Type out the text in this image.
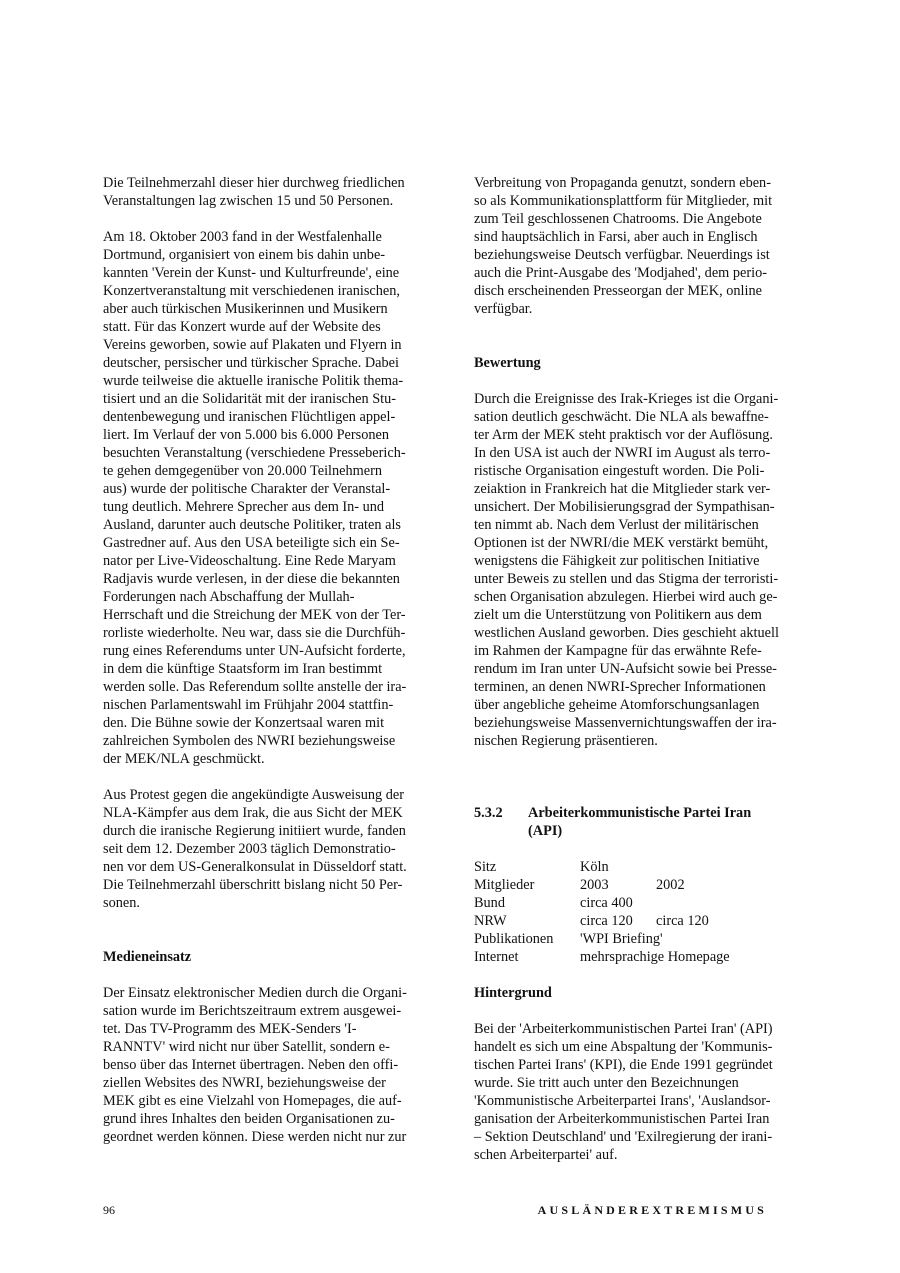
Die Teilnehmerzahl dieser hier durchweg friedlichen
Veranstaltungen lag zwischen 15 und 50 Personen.

Am 18. Oktober 2003 fand in der Westfalenhalle
Dortmund, organisiert von einem bis dahin unbe-
kannten 'Verein der Kunst- und Kulturfreunde', eine
Konzertveranstaltung mit verschiedenen iranischen,
aber auch türkischen Musikerinnen und Musikern
statt. Für das Konzert wurde auf der Website des
Vereins geworben, sowie auf Plakaten und Flyern in
deutscher, persischer und türkischer Sprache. Dabei
wurde teilweise die aktuelle iranische Politik thema-
tisiert und an die Solidarität mit der iranischen Stu-
dentenbewegung und iranischen Flüchtligen appel-
liert. Im Verlauf der von 5.000 bis 6.000 Personen
besuchten Veranstaltung (verschiedene Presseberich-
te gehen demgegenüber von 20.000 Teilnehmern
aus) wurde der politische Charakter der Veranstal-
tung deutlich. Mehrere Sprecher aus dem In- und
Ausland, darunter auch deutsche Politiker, traten als
Gastredner auf. Aus den USA beteiligte sich ein Se-
nator per Live-Videoschaltung. Eine Rede Maryam
Radjavis wurde verlesen, in der diese die bekannten
Forderungen nach Abschaffung der Mullah-
Herrschaft und die Streichung der MEK von der Ter-
rorliste wiederholte. Neu war, dass sie die Durchfüh-
rung eines Referendums unter UN-Aufsicht forderte,
in dem die künftige Staatsform im Iran bestimmt
werden solle. Das Referendum sollte anstelle der ira-
nischen Parlamentswahl im Frühjahr 2004 stattfin-
den. Die Bühne sowie der Konzertsaal waren mit
zahlreichen Symbolen des NWRI beziehungsweise
der MEK/NLA geschmückt.

Aus Protest gegen die angekündigte Ausweisung der
NLA-Kämpfer aus dem Irak, die aus Sicht der MEK
durch die iranische Regierung initiiert wurde, fanden
seit dem 12. Dezember 2003 täglich Demonstratio-
nen vor dem US-Generalkonsulat in Düsseldorf statt.
Die Teilnehmerzahl überschritt bislang nicht 50 Per-
sonen.

Medieneinsatz

Der Einsatz elektronischer Medien durch die Organi-
sation wurde im Berichtszeitraum extrem ausgewei-
tet. Das TV-Programm des MEK-Senders 'I-
RANNTV' wird nicht nur über Satellit, sondern e-
benso über das Internet übertragen. Neben den offi-
ziellen Websites des NWRI, beziehungsweise der
MEK gibt es eine Vielzahl von Homepages, die auf-
grund ihres Inhaltes den beiden Organisationen zu-
geordnet werden können. Diese werden nicht nur zur

Verbreitung von Propaganda genutzt, sondern eben-
so als Kommunikationsplattform für Mitglieder, mit
zum Teil geschlossenen Chatrooms. Die Angebote
sind hauptsächlich in Farsi, aber auch in Englisch
beziehungsweise Deutsch verfügbar. Neuerdings ist
auch die Print-Ausgabe des 'Modjahed', dem perio-
disch erscheinenden Presseorgan der MEK, online
verfügbar.

Bewertung

Durch die Ereignisse des Irak-Krieges ist die Organi-
sation deutlich geschwächt. Die NLA als bewaffne-
ter Arm der MEK steht praktisch vor der Auflösung.
In den USA ist auch der NWRI im August als terro-
ristische Organisation eingestuft worden. Die Poli-
zeiaktion in Frankreich hat die Mitglieder stark ver-
unsichert. Der Mobilisierungsgrad der Sympathisan-
ten nimmt ab. Nach dem Verlust der militärischen
Optionen ist der NWRI/die MEK verstärkt bemüht,
wenigstens die Fähigkeit zur politischen Initiative
unter Beweis zu stellen und das Stigma der terroristi-
schen Organisation abzulegen. Hierbei wird auch ge-
zielt um die Unterstützung von Politikern aus dem
westlichen Ausland geworben. Dies geschieht aktuell
im Rahmen der Kampagne für das erwähnte Refe-
rendum im Iran unter UN-Aufsicht sowie bei Presse-
terminen, an denen NWRI-Sprecher Informationen
über angebliche geheime Atomforschungsanlagen
beziehungsweise Massenvernichtungswaffen der ira-
nischen Regierung präsentieren.

5.3.2	Arbeiterkommunistische Partei Iran
(API)
Sitz	Köln	
Mitglieder	2003	2002
Bund	circa 400	
NRW	circa 120	circa 120
Publikationen	'WPI Briefing'	
Internet	mehrsprachige Homepage	

Hintergrund

Bei der 'Arbeiterkommunistischen Partei Iran' (API)
handelt es sich um eine Abspaltung der 'Kommunis-
tischen Partei Irans' (KPI), die Ende 1991 gegründet
wurde. Sie tritt auch unter den Bezeichnungen
'Kommunistische Arbeiterpartei Irans', 'Auslandsor-
ganisation der Arbeiterkommunistischen Partei Iran
– Sektion Deutschland' und 'Exilregierung der irani-
schen Arbeiterpartei' auf.

96	AUSLÄNDEREXTREMISMUS
